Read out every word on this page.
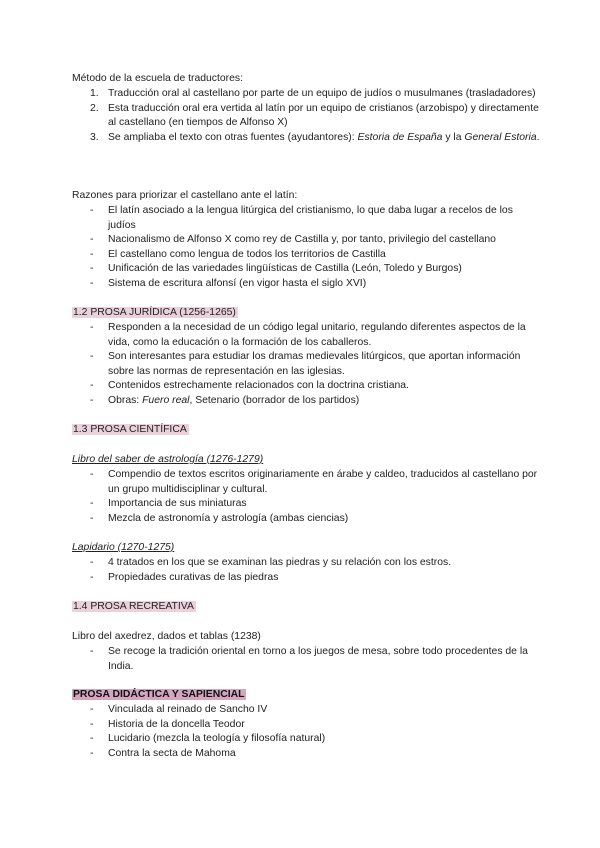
Método de la escuela de traductores:

1. Traducción oral al castellano por parte de un equipo de judíos o musulmanes (trasladadores)
2. Esta traducción oral era vertida al latín por un equipo de cristianos (arzobispo) y directamente al castellano (en tiempos de Alfonso X)
3. Se ampliaba el texto con otras fuentes (ayudantores): Estoria de España y la General Estoria.

Razones para priorizar el castellano ante el latín:

-	El latín asociado a la lengua litúrgica del cristianismo, lo que daba lugar a recelos de los judíos
-	Nacionalismo de Alfonso X como rey de Castilla y, por tanto, privilegio del castellano
-	El castellano como lengua de todos los territorios de Castilla
-	Unificación de las variedades lingüísticas de Castilla (León, Toledo y Burgos)
-	Sistema de escritura alfonsí (en vigor hasta el siglo XVI)

1.2 PROSA JURÍDICA (1256-1265)

-	Responden a la necesidad de un código legal unitario, regulando diferentes aspectos de la vida, como la educación o la formación de los caballeros.
-	Son interesantes para estudiar los dramas medievales litúrgicos, que aportan información sobre las normas de representación en las iglesias.
-	Contenidos estrechamente relacionados con la doctrina cristiana.
-	Obras: Fuero real, Setenario (borrador de los partidos)

1.3 PROSA CIENTÍFICA

Libro del saber de astrología (1276-1279)

-	Compendio de textos escritos originariamente en árabe y caldeo, traducidos al castellano por un grupo multidisciplinar y cultural.
-	Importancia de sus miniaturas
-	Mezcla de astronomía y astrología (ambas ciencias)

Lapidario (1270-1275)

-	4 tratados en los que se examinan las piedras y su relación con los estros.
-	Propiedades curativas de las piedras

1.4 PROSA RECREATIVA

Libro del axedrez, dados et tablas (1238)

-	Se recoge la tradición oriental en torno a los juegos de mesa, sobre todo procedentes de la India.

PROSA DIDÁCTICA Y SAPIENCIAL

-	Vinculada al reinado de Sancho IV
-	Historia de la doncella Teodor
-	Lucidario (mezcla la teología y filosofía natural)
-	Contra la secta de Mahoma
